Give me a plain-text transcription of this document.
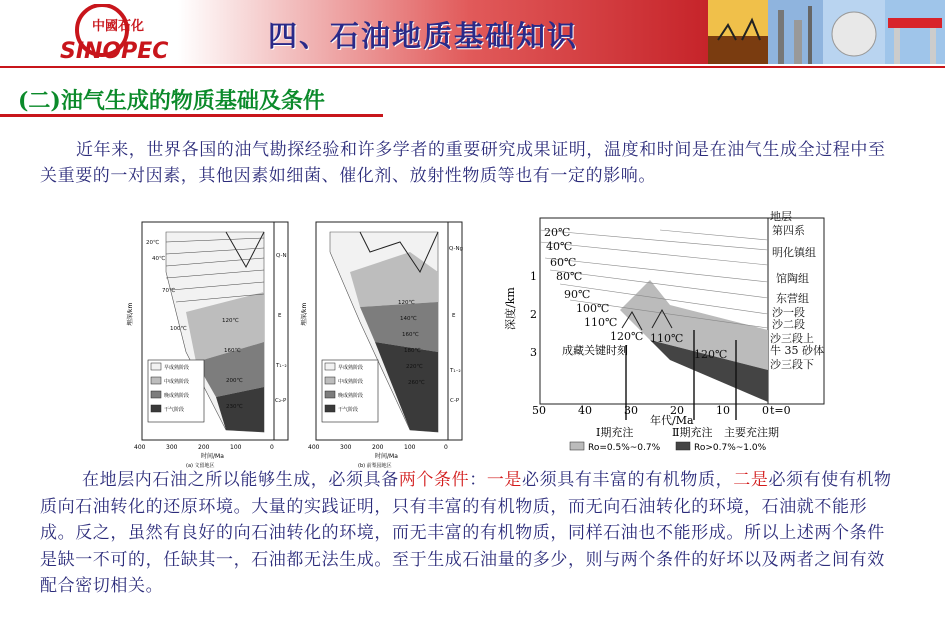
中國石化
SINOPEC	四、石油地质基础知识
(二)油气生成的物质基础及条件
近年来，世界各国的油气勘探经验和许多学者的重要研究成果证明，温度和时间是在油气生成全过程中至关重要的一对因素，其他因素如细菌、催化剂、放射性物质等也有一定的影响。
早成熟阶段
中成熟阶段
晚成熟阶段
干气阶段
20℃
40℃
70℃
100℃
120℃
160℃
200℃
230℃
Q-N
E
T₁₋₂
C₂-P
埋深/km
400	300	200	100	0
时间/Ma
(a) 文留地区
早成熟阶段
中成熟阶段
晚成熟阶段
干气阶段
120℃
140℃
160℃
180℃
220℃
260℃
Q-Ng
E
T₁₋₂
C-P
埋深/km
400	300	200	100	0
时间/Ma
(b) 前梨园地区
20℃
40℃
60℃
80℃
90℃
100℃
110℃
120℃ 110℃
120℃
成藏关键时刻
地层
第四系
明化镇组
馆陶组
东营组
沙一段
沙二段
沙三段上
牛 35 砂体
沙三段下
深度/km
1
2
3
50	40	30	20	10	0 t=0
年代/Ma
Ⅰ期充注	Ⅱ期充注 主要充注期
Ro=0.5%~0.7%	Ro>0.7%~1.0%
在地层内石油之所以能够生成，必须具备两个条件：一是必须具有丰富的有机物质，二是必须有使有机物质向石油转化的还原环境。大量的实践证明，只有丰富的有机物质，而无向石油转化的环境，石油就不能形成。反之，虽然有良好的向石油转化的环境，而无丰富的有机物质，同样石油也不能形成。所以上述两个条件是缺一不可的，任缺其一，石油都无法生成。至于生成石油量的多少，则与两个条件的好坏以及两者之间有效配合密切相关。
